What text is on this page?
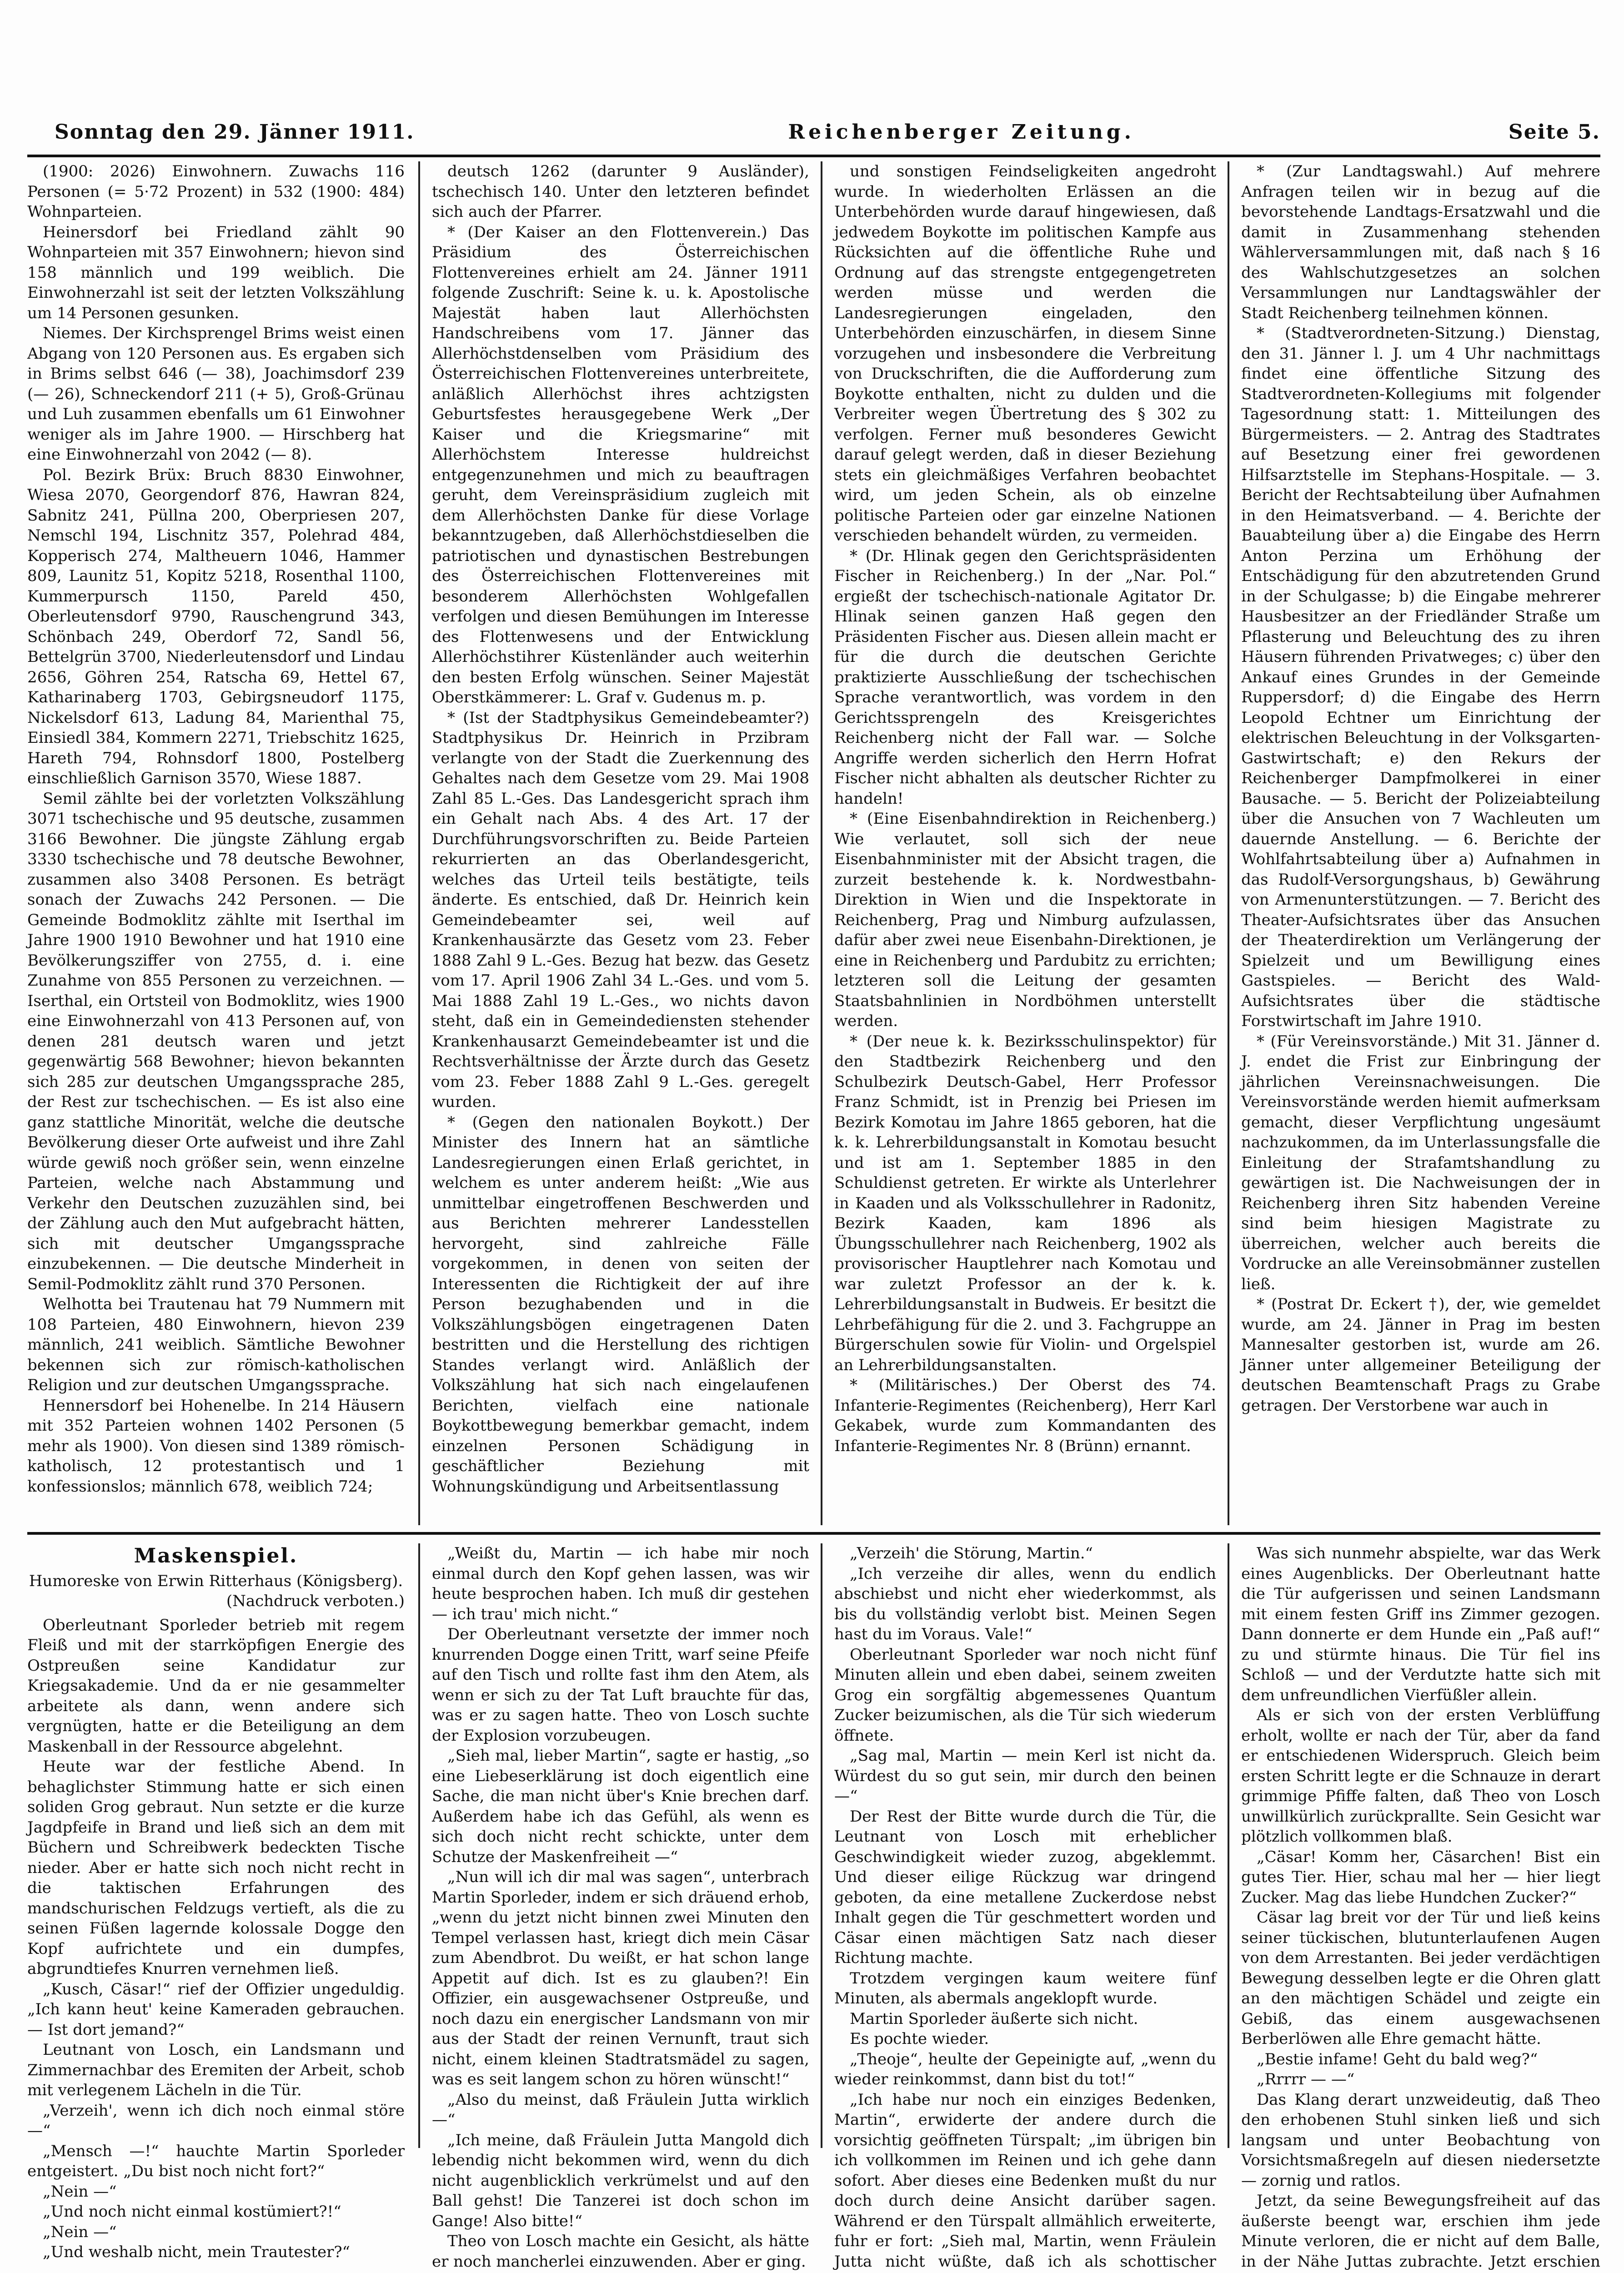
Sonntag den 29. Jänner 1911.	Reichenberger Zeitung.	Seite 5.

(1900: 2026) Einwohnern. Zuwachs 116 Personen (= 5·72 Prozent) in 532 (1900: 484) Wohnparteien.

Heinersdorf bei Friedland zählt 90 Wohnparteien mit 357 Einwohnern; hievon sind 158 männlich und 199 weiblich. Die Einwohnerzahl ist seit der letzten Volkszählung um 14 Personen gesunken.

Niemes. Der Kirchsprengel Brims weist einen Abgang von 120 Personen aus. Es ergaben sich in Brims selbst 646 (— 38), Joachimsdorf 239 (— 26), Schneckendorf 211 (+ 5), Groß-Grünau und Luh zusammen ebenfalls um 61 Einwohner weniger als im Jahre 1900. — Hirschberg hat eine Einwohnerzahl von 2042 (— 8).

Pol. Bezirk Brüx: Bruch 8830 Einwohner, Wiesa 2070, Georgendorf 876, Hawran 824, Sabnitz 241, Püllna 200, Oberpriesen 207, Nemschl 194, Lischnitz 357, Polehrad 484, Kopperisch 274, Maltheuern 1046, Hammer 809, Launitz 51, Kopitz 5218, Rosenthal 1100, Kummerpursch 1150, Pareld 450, Oberleutensdorf 9790, Rauschengrund 343, Schönbach 249, Oberdorf 72, Sandl 56, Bettelgrün 3700, Niederleutensdorf und Lindau 2656, Göhren 254, Ratscha 69, Hettel 67, Katharinaberg 1703, Gebirgsneudorf 1175, Nickelsdorf 613, Ladung 84, Marienthal 75, Einsiedl 384, Kommern 2271, Triebschitz 1625, Hareth 794, Rohnsdorf 1800, Postelberg einschließlich Garnison 3570, Wiese 1887.

Semil zählte bei der vorletzten Volkszählung 3071 tschechische und 95 deutsche, zusammen 3166 Bewohner. Die jüngste Zählung ergab 3330 tschechische und 78 deutsche Bewohner, zusammen also 3408 Personen. Es beträgt sonach der Zuwachs 242 Personen. — Die Gemeinde Bodmoklitz zählte mit Iserthal im Jahre 1900 1910 Bewohner und hat 1910 eine Bevölkerungsziffer von 2755, d. i. eine Zunahme von 855 Personen zu verzeichnen. — Iserthal, ein Ortsteil von Bodmoklitz, wies 1900 eine Einwohnerzahl von 413 Personen auf, von denen 281 deutsch waren und jetzt gegenwärtig 568 Bewohner; hievon bekannten sich 285 zur deutschen Umgangssprache 285, der Rest zur tschechischen. — Es ist also eine ganz stattliche Minorität, welche die deutsche Bevölkerung dieser Orte aufweist und ihre Zahl würde gewiß noch größer sein, wenn einzelne Parteien, welche nach Abstammung und Verkehr den Deutschen zuzuzählen sind, bei der Zählung auch den Mut aufgebracht hätten, sich mit deutscher Umgangssprache einzubekennen. — Die deutsche Minderheit in Semil-Podmoklitz zählt rund 370 Personen.

Welhotta bei Trautenau hat 79 Nummern mit 108 Parteien, 480 Einwohnern, hievon 239 männlich, 241 weiblich. Sämtliche Bewohner bekennen sich zur römisch-katholischen Religion und zur deutschen Umgangssprache.

Hennersdorf bei Hohenelbe. In 214 Häusern mit 352 Parteien wohnen 1402 Personen (5 mehr als 1900). Von diesen sind 1389 römisch-katholisch, 12 protestantisch und 1 konfessionslos; männlich 678, weiblich 724;

deutsch 1262 (darunter 9 Ausländer), tschechisch 140. Unter den letzteren befindet sich auch der Pfarrer.

* (Der Kaiser an den Flottenverein.) Das Präsidium des Österreichischen Flottenvereines erhielt am 24. Jänner 1911 folgende Zuschrift: Seine k. u. k. Apostolische Majestät haben laut Allerhöchsten Handschreibens vom 17. Jänner das Allerhöchstdenselben vom Präsidium des Österreichischen Flottenvereines unterbreitete, anläßlich Allerhöchst ihres achtzigsten Geburtsfestes herausgegebene Werk „Der Kaiser und die Kriegsmarine“ mit Allerhöchstem Interesse huldreichst entgegenzunehmen und mich zu beauftragen geruht, dem Vereinspräsidium zugleich mit dem Allerhöchsten Danke für diese Vorlage bekanntzugeben, daß Allerhöchstdieselben die patriotischen und dynastischen Bestrebungen des Österreichischen Flottenvereines mit besonderem Allerhöchsten Wohlgefallen verfolgen und diesen Bemühungen im Interesse des Flottenwesens und der Entwicklung Allerhöchstihrer Küstenländer auch weiterhin den besten Erfolg wünschen. Seiner Majestät Oberstkämmerer: L. Graf v. Gudenus m. p.

* (Ist der Stadtphysikus Gemeindebeamter?) Stadtphysikus Dr. Heinrich in Przibram verlangte von der Stadt die Zuerkennung des Gehaltes nach dem Gesetze vom 29. Mai 1908 Zahl 85 L.-Ges. Das Landesgericht sprach ihm ein Gehalt nach Abs. 4 des Art. 17 der Durchführungsvorschriften zu. Beide Parteien rekurrierten an das Oberlandesgericht, welches das Urteil teils bestätigte, teils änderte. Es entschied, daß Dr. Heinrich kein Gemeindebeamter sei, weil auf Krankenhausärzte das Gesetz vom 23. Feber 1888 Zahl 9 L.-Ges. Bezug hat bezw. das Gesetz vom 17. April 1906 Zahl 34 L.-Ges. und vom 5. Mai 1888 Zahl 19 L.-Ges., wo nichts davon steht, daß ein in Gemeindediensten stehender Krankenhausarzt Gemeindebeamter ist und die Rechtsverhältnisse der Ärzte durch das Gesetz vom 23. Feber 1888 Zahl 9 L.-Ges. geregelt wurden.

* (Gegen den nationalen Boykott.) Der Minister des Innern hat an sämtliche Landesregierungen einen Erlaß gerichtet, in welchem es unter anderem heißt: „Wie aus unmittelbar eingetroffenen Beschwerden und aus Berichten mehrerer Landesstellen hervorgeht, sind zahlreiche Fälle vorgekommen, in denen von seiten der Interessenten die Richtigkeit der auf ihre Person bezughabenden und in die Volkszählungsbögen eingetragenen Daten bestritten und die Herstellung des richtigen Standes verlangt wird. Anläßlich der Volkszählung hat sich nach eingelaufenen Berichten, vielfach eine nationale Boykottbewegung bemerkbar gemacht, indem einzelnen Personen Schädigung in geschäftlicher Beziehung mit Wohnungskündigung und Arbeitsentlassung

und sonstigen Feindseligkeiten angedroht wurde. In wiederholten Erlässen an die Unterbehörden wurde darauf hingewiesen, daß jedwedem Boykotte im politischen Kampfe aus Rücksichten auf die öffentliche Ruhe und Ordnung auf das strengste entgegengetreten werden müsse und werden die Landesregierungen eingeladen, den Unterbehörden einzuschärfen, in diesem Sinne vorzugehen und insbesondere die Verbreitung von Druckschriften, die die Aufforderung zum Boykotte enthalten, nicht zu dulden und die Verbreiter wegen Übertretung des § 302 zu verfolgen. Ferner muß besonderes Gewicht darauf gelegt werden, daß in dieser Beziehung stets ein gleichmäßiges Verfahren beobachtet wird, um jeden Schein, als ob einzelne politische Parteien oder gar einzelne Nationen verschieden behandelt würden, zu vermeiden.

* (Dr. Hlinak gegen den Gerichtspräsidenten Fischer in Reichenberg.) In der „Nar. Pol.“ ergießt der tschechisch-nationale Agitator Dr. Hlinak seinen ganzen Haß gegen den Präsidenten Fischer aus. Diesen allein macht er für die durch die deutschen Gerichte praktizierte Ausschließung der tschechischen Sprache verantwortlich, was vordem in den Gerichtssprengeln des Kreisgerichtes Reichenberg nicht der Fall war. — Solche Angriffe werden sicherlich den Herrn Hofrat Fischer nicht abhalten als deutscher Richter zu handeln!

* (Eine Eisenbahndirektion in Reichenberg.) Wie verlautet, soll sich der neue Eisenbahnminister mit der Absicht tragen, die zurzeit bestehende k. k. Nordwestbahn-Direktion in Wien und die Inspektorate in Reichenberg, Prag und Nimburg aufzulassen, dafür aber zwei neue Eisenbahn-Direktionen, je eine in Reichenberg und Pardubitz zu errichten; letzteren soll die Leitung der gesamten Staatsbahnlinien in Nordböhmen unterstellt werden.

* (Der neue k. k. Bezirksschulinspektor) für den Stadtbezirk Reichenberg und den Schulbezirk Deutsch-Gabel, Herr Professor Franz Schmidt, ist in Prenzig bei Priesen im Bezirk Komotau im Jahre 1865 geboren, hat die k. k. Lehrerbildungsanstalt in Komotau besucht und ist am 1. September 1885 in den Schuldienst getreten. Er wirkte als Unterlehrer in Kaaden und als Volksschullehrer in Radonitz, Bezirk Kaaden, kam 1896 als Übungsschullehrer nach Reichenberg, 1902 als provisorischer Hauptlehrer nach Komotau und war zuletzt Professor an der k. k. Lehrerbildungsanstalt in Budweis. Er besitzt die Lehrbefähigung für die 2. und 3. Fachgruppe an Bürgerschulen sowie für Violin- und Orgelspiel an Lehrerbildungsanstalten.

* (Militärisches.) Der Oberst des 74. Infanterie-Regimentes (Reichenberg), Herr Karl Gekabek, wurde zum Kommandanten des Infanterie-Regimentes Nr. 8 (Brünn) ernannt.

* (Zur Landtagswahl.) Auf mehrere Anfragen teilen wir in bezug auf die bevorstehende Landtags-Ersatzwahl und die damit in Zusammenhang stehenden Wählerversammlungen mit, daß nach § 16 des Wahlschutzgesetzes an solchen Versammlungen nur Landtagswähler der Stadt Reichenberg teilnehmen können.

* (Stadtverordneten-Sitzung.) Dienstag, den 31. Jänner l. J. um 4 Uhr nachmittags findet eine öffentliche Sitzung des Stadtverordneten-Kollegiums mit folgender Tagesordnung statt: 1. Mitteilungen des Bürgermeisters. — 2. Antrag des Stadtrates auf Besetzung einer frei gewordenen Hilfsarztstelle im Stephans-Hospitale. — 3. Bericht der Rechtsabteilung über Aufnahmen in den Heimatsverband. — 4. Berichte der Bauabteilung über a) die Eingabe des Herrn Anton Perzina um Erhöhung der Entschädigung für den abzutretenden Grund in der Schulgasse; b) die Eingabe mehrerer Hausbesitzer an der Friedländer Straße um Pflasterung und Beleuchtung des zu ihren Häusern führenden Privatweges; c) über den Ankauf eines Grundes in der Gemeinde Ruppersdorf; d) die Eingabe des Herrn Leopold Echtner um Einrichtung der elektrischen Beleuchtung in der Volksgarten-Gastwirtschaft; e) den Rekurs der Reichenberger Dampfmolkerei in einer Bausache. — 5. Bericht der Polizeiabteilung über die Ansuchen von 7 Wachleuten um dauernde Anstellung. — 6. Berichte der Wohlfahrtsabteilung über a) Aufnahmen in das Rudolf-Versorgungshaus, b) Gewährung von Armenunterstützungen. — 7. Bericht des Theater-Aufsichtsrates über das Ansuchen der Theaterdirektion um Verlängerung der Spielzeit und um Bewilligung eines Gastspieles. — Bericht des Wald-Aufsichtsrates über die städtische Forstwirtschaft im Jahre 1910.

* (Für Vereinsvorstände.) Mit 31. Jänner d. J. endet die Frist zur Einbringung der jährlichen Vereinsnachweisungen. Die Vereinsvorstände werden hiemit aufmerksam gemacht, dieser Verpflichtung ungesäumt nachzukommen, da im Unterlassungsfalle die Einleitung der Strafamtshandlung zu gewärtigen ist. Die Nachweisungen der in Reichenberg ihren Sitz habenden Vereine sind beim hiesigen Magistrate zu überreichen, welcher auch bereits die Vordrucke an alle Vereinsobmänner zustellen ließ.

* (Postrat Dr. Eckert †), der, wie gemeldet wurde, am 24. Jänner in Prag im besten Mannesalter gestorben ist, wurde am 26. Jänner unter allgemeiner Beteiligung der deutschen Beamtenschaft Prags zu Grabe getragen. Der Verstorbene war auch in

Maskenspiel.
Humoreske von Erwin Ritterhaus (Königsberg).
(Nachdruck verboten.)

Oberleutnant Sporleder betrieb mit regem Fleiß und mit der starrköpfigen Energie des Ostpreußen seine Kandidatur zur Kriegsakademie. Und da er nie gesammelter arbeitete als dann, wenn andere sich vergnügten, hatte er die Beteiligung an dem Maskenball in der Ressource abgelehnt.

Heute war der festliche Abend. In behaglichster Stimmung hatte er sich einen soliden Grog gebraut. Nun setzte er die kurze Jagdpfeife in Brand und ließ sich an dem mit Büchern und Schreibwerk bedeckten Tische nieder. Aber er hatte sich noch nicht recht in die taktischen Erfahrungen des mandschurischen Feldzugs vertieft, als die zu seinen Füßen lagernde kolossale Dogge den Kopf aufrichtete und ein dumpfes, abgrundtiefes Knurren vernehmen ließ.

„Kusch, Cäsar!“ rief der Offizier ungeduldig. „Ich kann heut' keine Kameraden gebrauchen. — Ist dort jemand?“

Leutnant von Losch, ein Landsmann und Zimmernachbar des Eremiten der Arbeit, schob mit verlegenem Lächeln in die Tür.

„Verzeih', wenn ich dich noch einmal störe —“

„Mensch —!“ hauchte Martin Sporleder entgeistert. „Du bist noch nicht fort?“

„Nein —“

„Und noch nicht einmal kostümiert?!“

„Nein —“

„Und weshalb nicht, mein Trautester?“

„Weißt du, Martin — ich habe mir noch einmal durch den Kopf gehen lassen, was wir heute besprochen haben. Ich muß dir gestehen — ich trau' mich nicht.“

Der Oberleutnant versetzte der immer noch knurrenden Dogge einen Tritt, warf seine Pfeife auf den Tisch und rollte fast ihm den Atem, als wenn er sich zu der Tat Luft brauchte für das, was er zu sagen hatte. Theo von Losch suchte der Explosion vorzubeugen.

„Sieh mal, lieber Martin“, sagte er hastig, „so eine Liebeserklärung ist doch eigentlich eine Sache, die man nicht über's Knie brechen darf. Außerdem habe ich das Gefühl, als wenn es sich doch nicht recht schickte, unter dem Schutze der Maskenfreiheit —“

„Nun will ich dir mal was sagen“, unterbrach Martin Sporleder, indem er sich dräuend erhob, „wenn du jetzt nicht binnen zwei Minuten den Tempel verlassen hast, kriegt dich mein Cäsar zum Abendbrot. Du weißt, er hat schon lange Appetit auf dich. Ist es zu glauben?! Ein Offizier, ein ausgewachsener Ostpreuße, und noch dazu ein energischer Landsmann von mir aus der Stadt der reinen Vernunft, traut sich nicht, einem kleinen Stadtratsmädel zu sagen, was es seit langem schon zu hören wünscht!“

„Also du meinst, daß Fräulein Jutta wirklich —“

„Ich meine, daß Fräulein Jutta Mangold dich lebendig nicht bekommen wird, wenn du dich nicht augenblicklich verkrümelst und auf den Ball gehst! Die Tanzerei ist doch schon im Gange! Also bitte!“

Theo von Losch machte ein Gesicht, als hätte er noch mancherlei einzuwenden. Aber er ging.

„Verzeih' die Störung, Martin.“

„Ich verzeihe dir alles, wenn du endlich abschiebst und nicht eher wiederkommst, als bis du vollständig verlobt bist. Meinen Segen hast du im Voraus. Vale!“

Oberleutnant Sporleder war noch nicht fünf Minuten allein und eben dabei, seinem zweiten Grog ein sorgfältig abgemessenes Quantum Zucker beizumischen, als die Tür sich wiederum öffnete.

„Sag mal, Martin — mein Kerl ist nicht da. Würdest du so gut sein, mir durch den beinen —“

Der Rest der Bitte wurde durch die Tür, die Leutnant von Losch mit erheblicher Geschwindigkeit wieder zuzog, abgeklemmt. Und dieser eilige Rückzug war dringend geboten, da eine metallene Zuckerdose nebst Inhalt gegen die Tür geschmettert worden und Cäsar einen mächtigen Satz nach dieser Richtung machte.

Trotzdem vergingen kaum weitere fünf Minuten, als abermals angeklopft wurde.

Martin Sporleder äußerte sich nicht.

Es pochte wieder.

„Theoje“, heulte der Gepeinigte auf, „wenn du wieder reinkommst, dann bist du tot!“

„Ich habe nur noch ein einziges Bedenken, Martin“, erwiderte der andere durch die vorsichtig geöffneten Türspalt; „im übrigen bin ich vollkommen im Reinen und ich gehe dann sofort. Aber dieses eine Bedenken mußt du nur doch durch deine Ansicht darüber sagen. Während er den Türspalt allmählich erweiterte, fuhr er fort: „Sieh mal, Martin, wenn Fräulein Jutta nicht wüßte, daß ich als schottischer

Was sich nunmehr abspielte, war das Werk eines Augenblicks. Der Oberleutnant hatte die Tür aufgerissen und seinen Landsmann mit einem festen Griff ins Zimmer gezogen. Dann donnerte er dem Hunde ein „Paß auf!“ zu und stürmte hinaus. Die Tür fiel ins Schloß — und der Verdutzte hatte sich mit dem unfreundlichen Vierfüßler allein.

Als er sich von der ersten Verblüffung erholt, wollte er nach der Tür, aber da fand er entschiedenen Widerspruch. Gleich beim ersten Schritt legte er die Schnauze in derart grimmige Pfiffe falten, daß Theo von Losch unwillkürlich zurückprallte. Sein Gesicht war plötzlich vollkommen blaß.

„Cäsar! Komm her, Cäsarchen! Bist ein gutes Tier. Hier, schau mal her — hier liegt Zucker. Mag das liebe Hundchen Zucker?“

Cäsar lag breit vor der Tür und ließ keins seiner tückischen, blutunterlaufenen Augen von dem Arrestanten. Bei jeder verdächtigen Bewegung desselben legte er die Ohren glatt an den mächtigen Schädel und zeigte ein Gebiß, das einem ausgewachsenen Berberlöwen alle Ehre gemacht hätte.

„Bestie infame! Geht du bald weg?“

„Rrrrr — —“

Das Klang derart unzweideutig, daß Theo den erhobenen Stuhl sinken ließ und sich langsam und unter Beobachtung von Vorsichtsmaßregeln auf diesen niedersetzte — zornig und ratlos.

Jetzt, da seine Bewegungsfreiheit auf das äußerste beengt war, erschien ihm jede Minute verloren, die er nicht auf dem Balle, in der Nähe Juttas zubrachte. Jetzt erschien
